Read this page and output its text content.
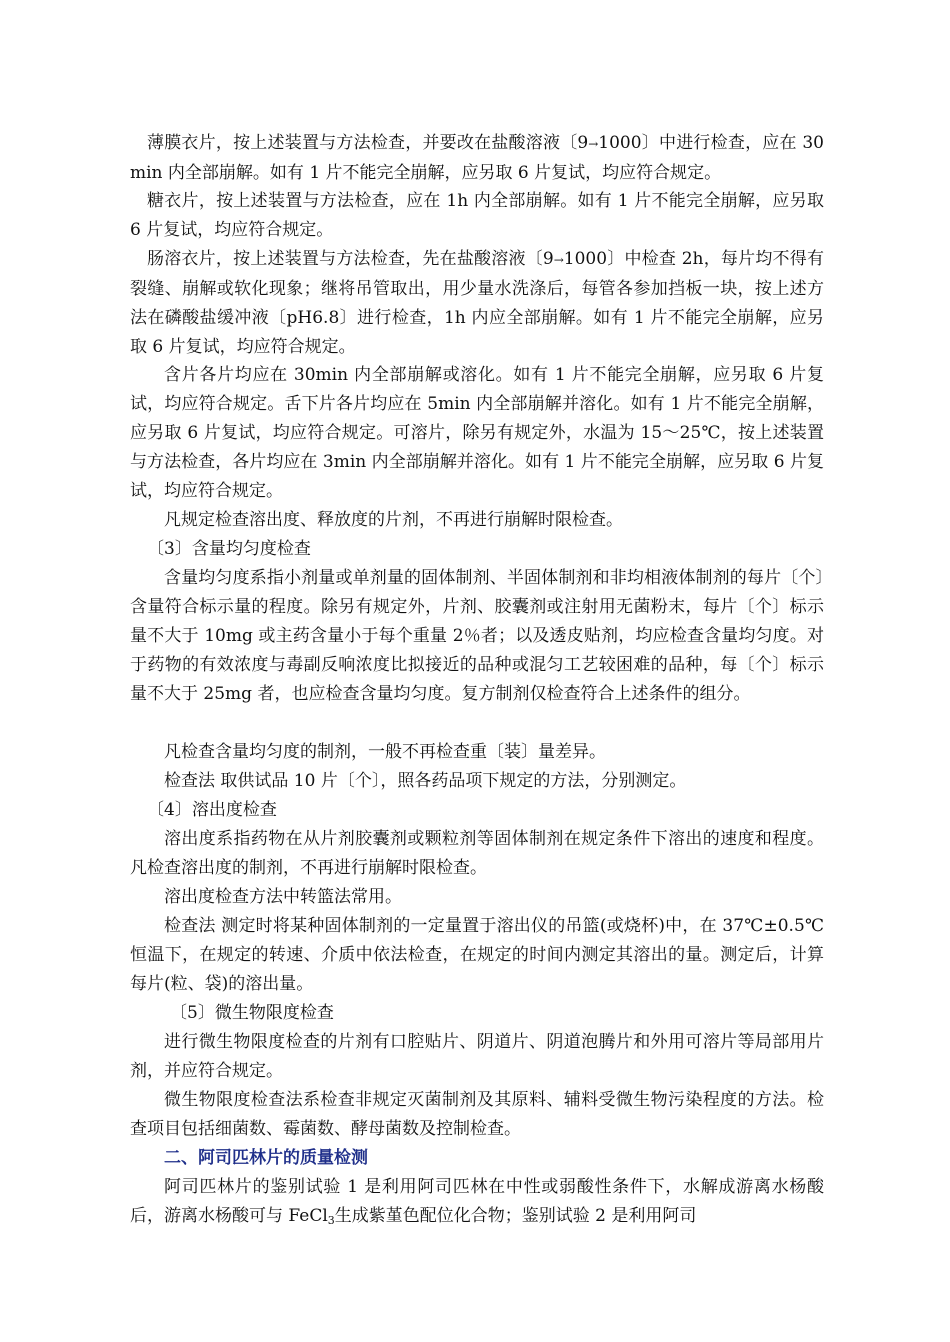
薄膜衣片，按上述装置与方法检查，并要改在盐酸溶液〔9→1000〕中进行检查，应在 30 min 内全部崩解。如有 1 片不能完全崩解，应另取 6 片复试，均应符合规定。

糖衣片，按上述装置与方法检查，应在 1h 内全部崩解。如有 1 片不能完全崩解，应另取 6 片复试，均应符合规定。

肠溶衣片，按上述装置与方法检查，先在盐酸溶液〔9→1000〕中检查 2h，每片均不得有裂缝、崩解或软化现象；继将吊管取出，用少量水洗涤后，每管各参加挡板一块，按上述方法在磷酸盐缓冲液〔pH6.8〕进行检查，1h 内应全部崩解。如有 1 片不能完全崩解，应另取 6 片复试，均应符合规定。

含片各片均应在 30min 内全部崩解或溶化。如有 1 片不能完全崩解，应另取 6 片复试，均应符合规定。舌下片各片均应在 5min 内全部崩解并溶化。如有 1 片不能完全崩解，应另取 6 片复试，均应符合规定。可溶片，除另有规定外，水温为 15～25℃，按上述装置与方法检查，各片均应在 3min 内全部崩解并溶化。如有 1 片不能完全崩解，应另取 6 片复试，均应符合规定。

凡规定检查溶出度、释放度的片剂，不再进行崩解时限检查。

〔3〕含量均匀度检查

含量均匀度系指小剂量或单剂量的固体制剂、半固体制剂和非均相液体制剂的每片〔个〕含量符合标示量的程度。除另有规定外，片剂、胶囊剂或注射用无菌粉末，每片〔个〕标示量不大于 10mg 或主药含量小于每个重量 2％者；以及透皮贴剂，均应检查含量均匀度。对于药物的有效浓度与毒副反响浓度比拟接近的品种或混匀工艺较困难的品种，每〔个〕标示量不大于 25mg 者，也应检查含量均匀度。复方制剂仅检查符合上述条件的组分。

凡检查含量均匀度的制剂，一般不再检查重〔装〕量差异。

检查法 取供试品 10 片〔个〕，照各药品项下规定的方法，分别测定。

〔4〕溶出度检查

溶出度系指药物在从片剂胶囊剂或颗粒剂等固体制剂在规定条件下溶出的速度和程度。凡检查溶出度的制剂，不再进行崩解时限检查。

溶出度检查方法中转篮法常用。

检查法 测定时将某种固体制剂的一定量置于溶出仪的吊篮(或烧杯)中，在 37℃±0.5℃恒温下，在规定的转速、介质中依法检查，在规定的时间内测定其溶出的量。测定后，计算每片(粒、袋)的溶出量。

〔5〕微生物限度检查

进行微生物限度检查的片剂有口腔贴片、阴道片、阴道泡腾片和外用可溶片等局部用片剂，并应符合规定。

微生物限度检查法系检查非规定灭菌制剂及其原料、辅料受微生物污染程度的方法。检查项目包括细菌数、霉菌数、酵母菌数及控制检查。

二、阿司匹林片的质量检测

阿司匹林片的鉴别试验 1 是利用阿司匹林在中性或弱酸性条件下，水解成游离水杨酸后，游离水杨酸可与 FeCl$_3$生成紫堇色配位化合物；鉴别试验 2 是利用阿司
